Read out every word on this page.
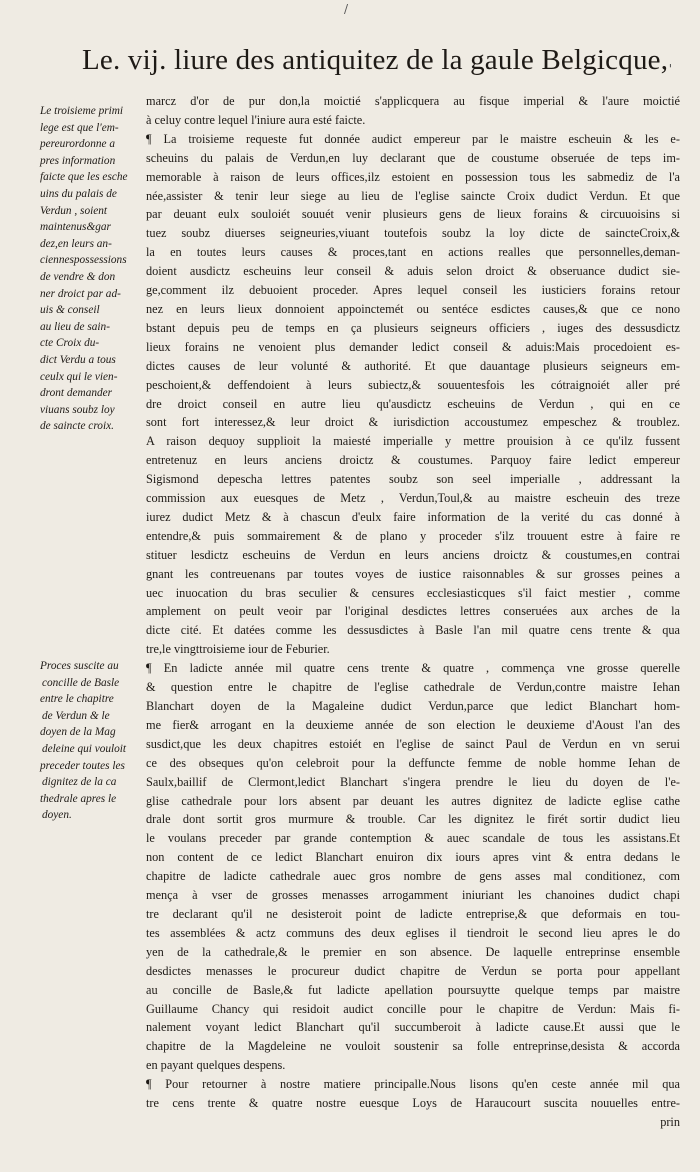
/
Le. vij. liure des antiquitez de la gaule Belgicque, '
Le troisieme primi
lege est que l'em-
pereurordonne a
pres information
faicte que les esche
uins du palais de
Verdun , soient
maintenus&gar
dez,en leurs an-
ciennespossessions
de vendre & don
ner droict par ad-
uis & conseil
au lieu de sain-
cte Croix du-
dict Verdu a tous
ceulx qui le vien-
dront demander
viuans soubz loy
de saincte croix.
Proces suscite au
concille de Basle
entre le chapitre
de Verdun & le
doyen de la Mag
deleine qui vouloit
preceder toutes les
dignitez de la ca
thedrale apres le
doyen.
marcz d'or de pur don,la moictié s'applicquera au fisque imperial & l'aure moictié
à celuy contre lequel l'iniure aura esté faicte.
¶ La troisieme requeste fut donnée audict empereur par le maistre escheuin & les e-
scheuins du palais de Verdun,en luy declarant que de coustume obseruée de teps im-
memorable à raison de leurs offices,ilz estoient en possession tous les sabmediz de l'a
née,assister & tenir leur siege au lieu de l'eglise saincte Croix dudict Verdun. Et que
par deuant eulx souloiét souuét venir plusieurs gens de lieux forains & circuuoisins si
tuez soubz diuerses seigneuries,viuant toutefois soubz la loy dicte de saincteCroix,&
la en toutes leurs causes & proces,tant en actions realles que personnelles,deman-
doient ausdictz escheuins leur conseil & aduis selon droict & obseruance dudict sie-
ge,comment ilz debuoient proceder. Apres lequel conseil les iusticiers forains retour
nez en leurs lieux donnoient appoinctemét ou sentéce esdictes causes,& que ce nono
bstant depuis peu de temps en ça plusieurs seigneurs officiers , iuges des dessusdictz
lieux forains ne venoient plus demander ledict conseil & aduis:Mais procedoient es-
dictes causes de leur volunté & authorité. Et que dauantage plusieurs seigneurs em-
peschoient,& deffendoient à leurs subiectz,& souuentesfois les cótraignoiét aller pré
dre droict conseil en autre lieu qu'ausdictz escheuins de Verdun , qui en ce
sont fort interessez,& leur droict & iurisdiction accoustumez empeschez & troublez.
A raison dequoy supplioit la maiesté imperialle y mettre prouision à ce qu'ilz fussent
entretenuz en leurs anciens droictz & coustumes. Parquoy faire ledict empereur
Sigismond depescha lettres patentes soubz son seel imperialle , addressant la
commission aux euesques de Metz , Verdun,Toul,& au maistre escheuin des treze
iurez dudict Metz & à chascun d'eulx faire information de la verité du cas donné à
entendre,& puis sommairement & de plano y proceder s'ilz trouuent estre à faire re
stituer lesdictz escheuins de Verdun en leurs anciens droictz & coustumes,en contrai
gnant les contreuenans par toutes voyes de iustice raisonnables & sur grosses peines a
uec inuocation du bras seculier & censures ecclesiasticques s'il faict mestier , comme
amplement on peult veoir par l'original desdictes lettres conseruées aux arches de la
dicte cité. Et datées comme les dessusdictes à Basle l'an mil quatre cens trente & qua
tre,le vingttroisieme iour de Feburier.
¶ En ladicte année mil quatre cens trente & quatre , commença vne grosse querelle
& question entre le chapitre de l'eglise cathedrale de Verdun,contre maistre Iehan
Blanchart doyen de la Magaleine dudict Verdun,parce que ledict Blanchart hom-
me fier& arrogant en la deuxieme année de son election le deuxieme d'Aoust l'an des
susdict,que les deux chapitres estoiét en l'eglise de sainct Paul de Verdun en vn serui
ce des obseques qu'on celebroit pour la deffuncte femme de noble homme Iehan de
Saulx,baillif de Clermont,ledict Blanchart s'ingera prendre le lieu du doyen de l'e-
glise cathedrale pour lors absent par deuant les autres dignitez de ladicte eglise cathe
drale dont sortit gros murmure & trouble. Car les dignitez le firét sortir dudict lieu
le voulans preceder par grande contemption & auec scandale de tous les assistans.Et
non content de ce ledict Blanchart enuiron dix iours apres vint & entra dedans le
chapitre de ladicte cathedrale auec gros nombre de gens asses mal conditionez, com
mença à vser de grosses menasses arrogamment iniuriant les chanoines dudict chapi
tre declarant qu'il ne desisteroit point de ladicte entreprise,& que deformais en tou-
tes assemblées & actz communs des deux eglises il tiendroit le second lieu apres le do
yen de la cathedrale,& le premier en son absence. De laquelle entreprinse ensemble
desdictes menasses le procureur dudict chapitre de Verdun se porta pour appellant
au concille de Basle,& fut ladicte apellation poursuytte quelque temps par maistre
Guillaume Chancy qui residoit audict concille pour le chapitre de Verdun: Mais fi-
nalement voyant ledict Blanchart qu'il succumberoit à ladicte cause.Et aussi que le
chapitre de la Magdeleine ne vouloit soustenir sa folle entreprinse,desista & accorda
en payant quelques despens.
¶ Pour retourner à nostre matiere principalle.Nous lisons qu'en ceste année mil qua
tre cens trente & quatre nostre euesque Loys de Haraucourt suscita nouuelles entre-
prin
